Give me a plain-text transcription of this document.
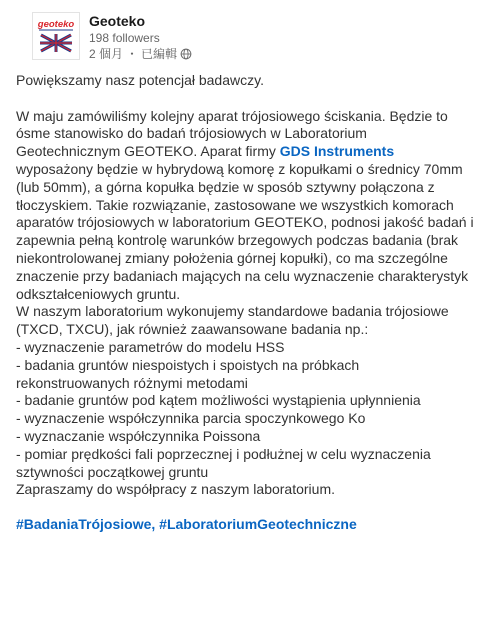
geoteko Geoteko
198 followers
2 個月 ・ 已編輯

Powiększamy nasz potencjał badawczy.

W maju zamówiliśmy kolejny aparat trójosiowego ściskania. Będzie to ósme stanowisko do badań trójosiowych w Laboratorium Geotechnicznym GEOTEKO. Aparat firmy GDS Instruments wyposażony będzie w hybrydową komorę z kopułkami o średnicy 70mm (lub 50mm), a górna kopułka będzie w sposób sztywny połączona z tłoczyskiem. Takie rozwiązanie, zastosowane we wszystkich komorach aparatów trójosiowych w laboratorium GEOTEKO, podnosi jakość badań i zapewnia pełną kontrolę warunków brzegowych podczas badania (brak niekontrolowanej zmiany położenia górnej kopułki), co ma szczególne znaczenie przy badaniach mających na celu wyznaczenie charakterystyk odkształceniowych gruntu.

W naszym laboratorium wykonujemy standardowe badania trójosiowe (TXCD, TXCU), jak również zaawansowane badania np.:

- wyznaczenie parametrów do modelu HSS

- badania gruntów niespoistych i spoistych na próbkach rekonstruowanych różnymi metodami

- badanie gruntów pod kątem możliwości wystąpienia upłynnienia

- wyznaczenie współczynnika parcia spoczynkowego Ko

- wyznaczanie współczynnika Poissona

- pomiar prędkości fali poprzecznej i podłużnej w celu wyznaczenia sztywności początkowej gruntu

Zapraszamy do współpracy z naszym laboratorium.

#BadaniaTrójosiowe, #LaboratoriumGeotechniczne
